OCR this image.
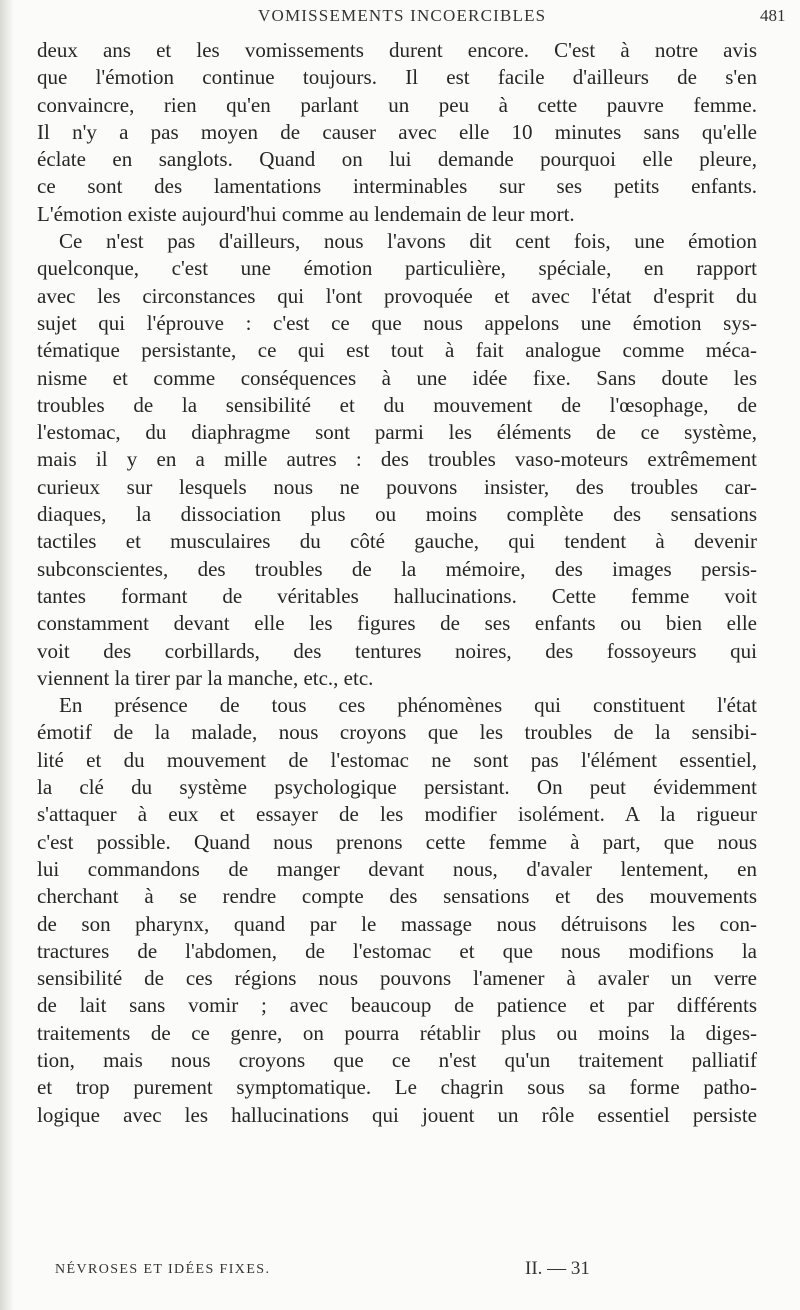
VOMISSEMENTS INCOERCIBLES	481
deux ans et les vomissements durent encore. C'est à notre avis
que l'émotion continue toujours. Il est facile d'ailleurs de s'en
convaincre, rien qu'en parlant un peu à cette pauvre femme.
Il n'y a pas moyen de causer avec elle 10 minutes sans qu'elle
éclate en sanglots. Quand on lui demande pourquoi elle pleure,
ce sont des lamentations interminables sur ses petits enfants.
L'émotion existe aujourd'hui comme au lendemain de leur mort.
Ce n'est pas d'ailleurs, nous l'avons dit cent fois, une émotion
quelconque, c'est une émotion particulière, spéciale, en rapport
avec les circonstances qui l'ont provoquée et avec l'état d'esprit du
sujet qui l'éprouve : c'est ce que nous appelons une émotion sys-
tématique persistante, ce qui est tout à fait analogue comme méca-
nisme et comme conséquences à une idée fixe. Sans doute les
troubles de la sensibilité et du mouvement de l'œsophage, de
l'estomac, du diaphragme sont parmi les éléments de ce système,
mais il y en a mille autres : des troubles vaso-moteurs extrêmement
curieux sur lesquels nous ne pouvons insister, des troubles car-
diaques, la dissociation plus ou moins complète des sensations
tactiles et musculaires du côté gauche, qui tendent à devenir
subconscientes, des troubles de la mémoire, des images persis-
tantes formant de véritables hallucinations. Cette femme voit
constamment devant elle les figures de ses enfants ou bien elle
voit des corbillards, des tentures noires, des fossoyeurs qui
viennent la tirer par la manche, etc., etc.
En présence de tous ces phénomènes qui constituent l'état
émotif de la malade, nous croyons que les troubles de la sensibi-
lité et du mouvement de l'estomac ne sont pas l'élément essentiel,
la clé du système psychologique persistant. On peut évidemment
s'attaquer à eux et essayer de les modifier isolément. A la rigueur
c'est possible. Quand nous prenons cette femme à part, que nous
lui commandons de manger devant nous, d'avaler lentement, en
cherchant à se rendre compte des sensations et des mouvements
de son pharynx, quand par le massage nous détruisons les con-
tractures de l'abdomen, de l'estomac et que nous modifions la
sensibilité de ces régions nous pouvons l'amener à avaler un verre
de lait sans vomir ; avec beaucoup de patience et par différents
traitements de ce genre, on pourra rétablir plus ou moins la diges-
tion, mais nous croyons que ce n'est qu'un traitement palliatif
et trop purement symptomatique. Le chagrin sous sa forme patho-
logique avec les hallucinations qui jouent un rôle essentiel persiste
NÉVROSES ET IDÉES FIXES.	II. — 31
